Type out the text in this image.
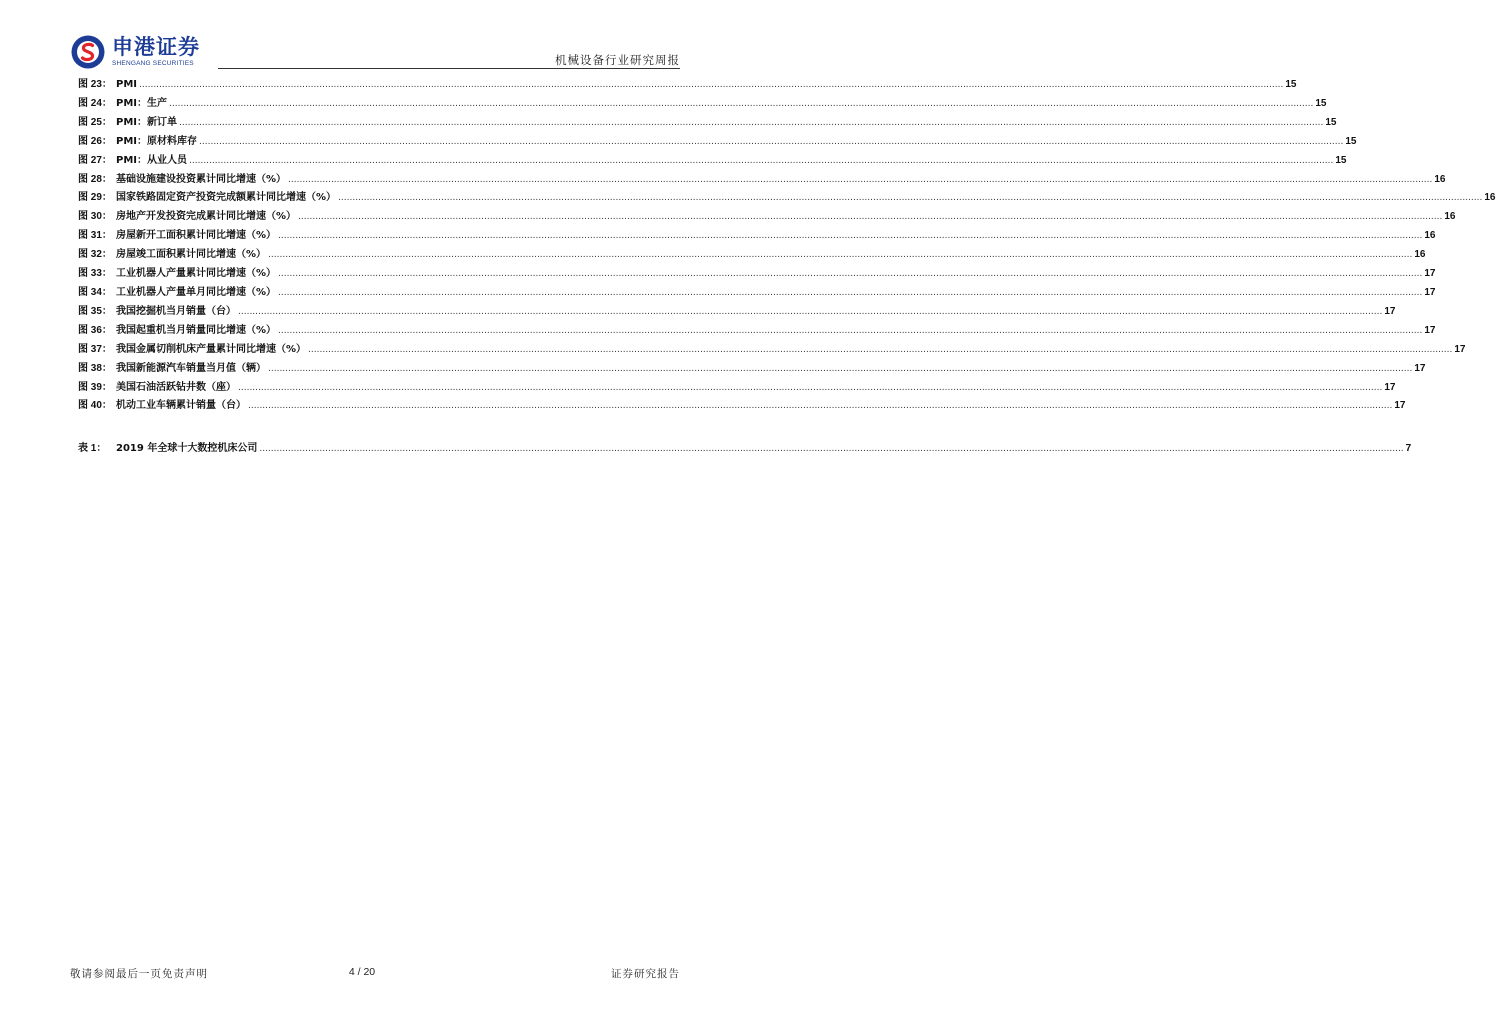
申港证券
SHENGANG SECURITIES	机械设备行业研究周报
图 23： PMI ................................................................................................................................................................................................................................................................................................................................................................................................................ 15
图 24： PMI：生产 ................................................................................................................................................................................................................................................................................................................................................................................................................ 15
图 25： PMI：新订单 ................................................................................................................................................................................................................................................................................................................................................................................................................ 15
图 26： PMI：原材料库存 ................................................................................................................................................................................................................................................................................................................................................................................................................ 15
图 27： PMI：从业人员 ................................................................................................................................................................................................................................................................................................................................................................................................................ 15
图 28： 基础设施建设投资累计同比增速（%） ................................................................................................................................................................................................................................................................................................................................................................................................................ 16
图 29： 国家铁路固定资产投资完成额累计同比增速（%） ................................................................................................................................................................................................................................................................................................................................................................................................................ 16
图 30： 房地产开发投资完成累计同比增速（%） ................................................................................................................................................................................................................................................................................................................................................................................................................ 16
图 31： 房屋新开工面积累计同比增速（%） ................................................................................................................................................................................................................................................................................................................................................................................................................ 16
图 32： 房屋竣工面积累计同比增速（%） ................................................................................................................................................................................................................................................................................................................................................................................................................ 16
图 33： 工业机器人产量累计同比增速（%） ................................................................................................................................................................................................................................................................................................................................................................................................................ 17
图 34： 工业机器人产量单月同比增速（%） ................................................................................................................................................................................................................................................................................................................................................................................................................ 17
图 35： 我国挖掘机当月销量（台） ................................................................................................................................................................................................................................................................................................................................................................................................................ 17
图 36： 我国起重机当月销量同比增速（%） ................................................................................................................................................................................................................................................................................................................................................................................................................ 17
图 37： 我国金属切削机床产量累计同比增速（%） ................................................................................................................................................................................................................................................................................................................................................................................................................ 17
图 38： 我国新能源汽车销量当月值（辆） ................................................................................................................................................................................................................................................................................................................................................................................................................ 17
图 39： 美国石油活跃钻井数（座） ................................................................................................................................................................................................................................................................................................................................................................................................................ 17
图 40： 机动工业车辆累计销量（台） ................................................................................................................................................................................................................................................................................................................................................................................................................ 17
表 1： 2019 年全球十大数控机床公司 ................................................................................................................................................................................................................................................................................................................................................................................................................ 7
敬请参阅最后一页免责声明	4 / 20	证券研究报告
